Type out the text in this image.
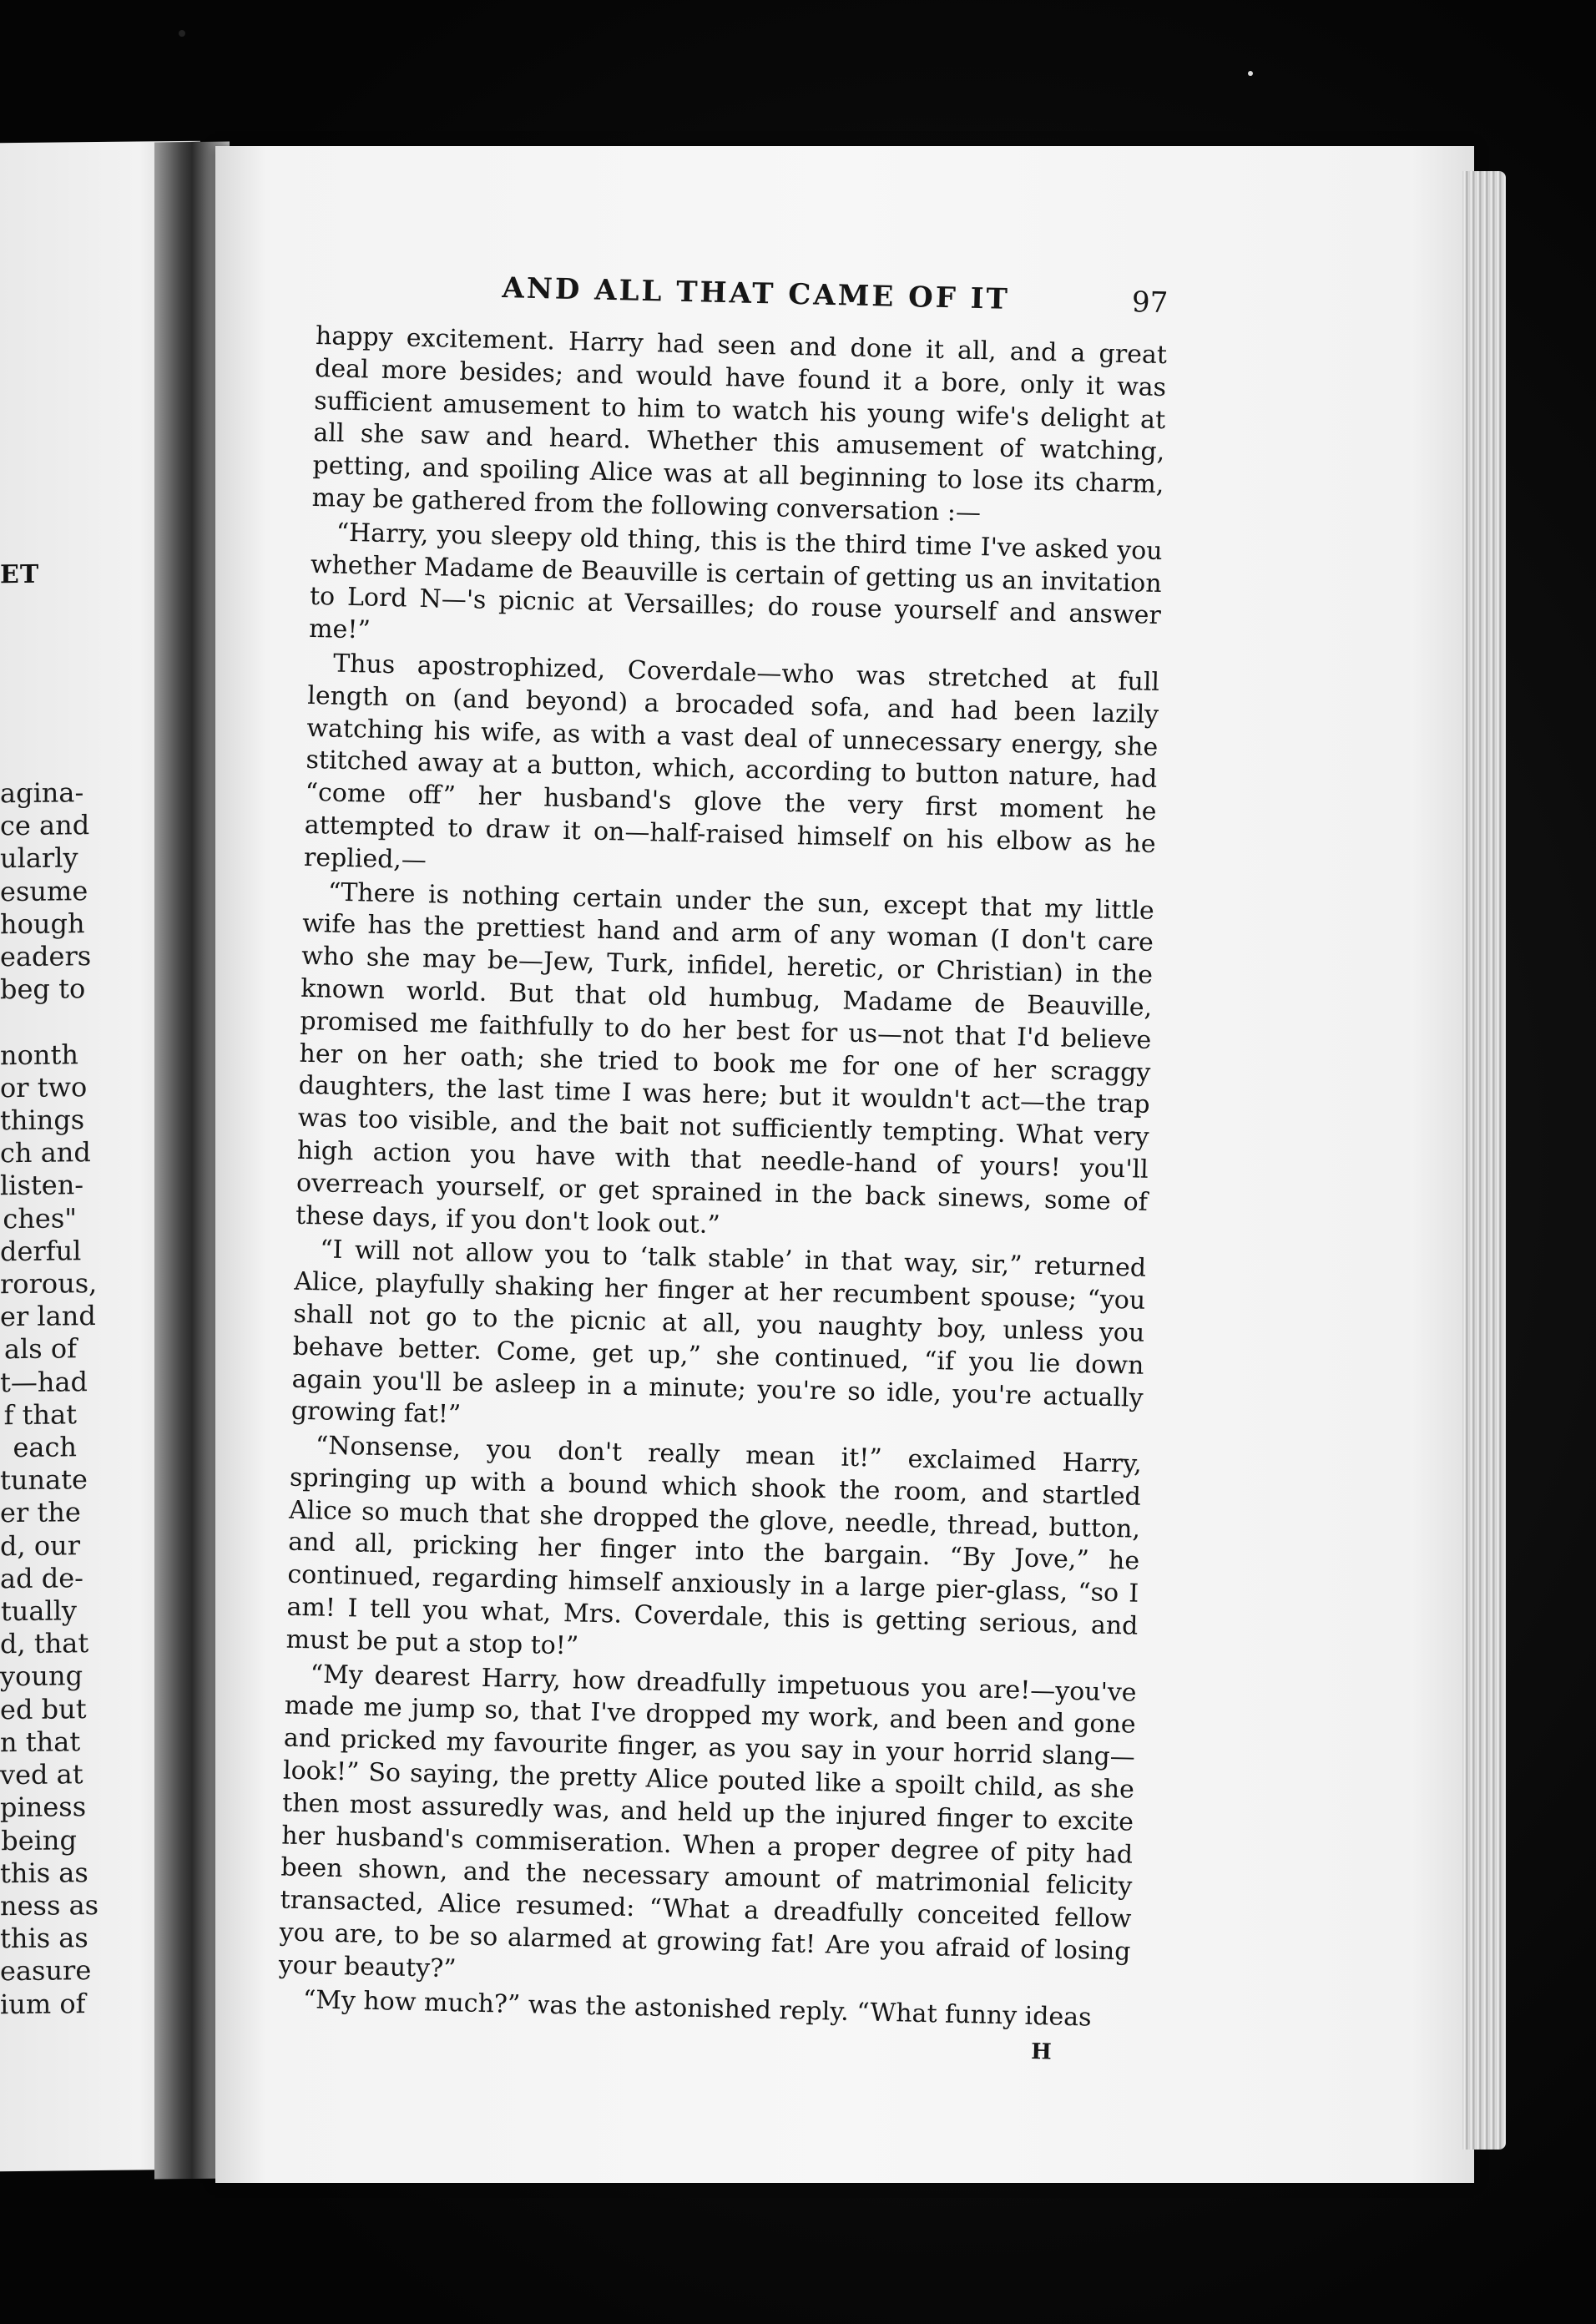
ET
agina-
ce and
ularly
esume
hough
eaders
beg to

nonth
or two
things
ch and
listen-
ches"
derful
rorous,
er land
als of
t—had
f that
each
tunate
er the
d, our
ad de-
tually
d, that
young
ed but
n that
ved at
piness
being
this as
ness as
this as
easure
ium of
AND ALL THAT CAME OF IT	97

happy excitement. Harry had seen and done it all, and a great deal more besides; and would have found it a bore, only it was sufficient amusement to him to watch his young wife's delight at all she saw and heard. Whether this amusement of watching, petting, and spoiling Alice was at all beginning to lose its charm, may be gathered from the following conversation :—

“Harry, you sleepy old thing, this is the third time I've asked you whether Madame de Beauville is certain of getting us an invitation to Lord N—'s picnic at Versailles; do rouse yourself and answer me!”

Thus apostrophized, Coverdale—who was stretched at full length on (and beyond) a brocaded sofa, and had been lazily watching his wife, as with a vast deal of unnecessary energy, she stitched away at a button, which, according to button nature, had “come off” her husband's glove the very first moment he attempted to draw it on—half-raised himself on his elbow as he replied,—

“There is nothing certain under the sun, except that my little wife has the prettiest hand and arm of any woman (I don't care who she may be—Jew, Turk, infidel, heretic, or Christian) in the known world. But that old humbug, Madame de Beauville, promised me faithfully to do her best for us—not that I'd believe her on her oath; she tried to book me for one of her scraggy daughters, the last time I was here; but it wouldn't act—the trap was too visible, and the bait not sufficiently tempting. What very high action you have with that needle-hand of yours! you'll overreach yourself, or get sprained in the back sinews, some of these days, if you don't look out.”

“I will not allow you to ‘talk stable’ in that way, sir,” returned Alice, playfully shaking her finger at her recumbent spouse; “you shall not go to the picnic at all, you naughty boy, unless you behave better. Come, get up,” she continued, “if you lie down again you'll be asleep in a minute; you're so idle, you're actually growing fat!”

“Nonsense, you don't really mean it!” exclaimed Harry, springing up with a bound which shook the room, and startled Alice so much that she dropped the glove, needle, thread, button, and all, pricking her finger into the bargain. “By Jove,” he continued, regarding himself anxiously in a large pier-glass, “so I am! I tell you what, Mrs. Coverdale, this is getting serious, and must be put a stop to!”

“My dearest Harry, how dreadfully impetuous you are!—you've made me jump so, that I've dropped my work, and been and gone and pricked my favourite finger, as you say in your horrid slang—look!” So saying, the pretty Alice pouted like a spoilt child, as she then most assuredly was, and held up the injured finger to excite her husband's commiseration. When a proper degree of pity had been shown, and the necessary amount of matrimonial felicity transacted, Alice resumed: “What a dreadfully conceited fellow you are, to be so alarmed at growing fat! Are you afraid of losing your beauty?”

“My how much?” was the astonished reply. “What funny ideas

H
